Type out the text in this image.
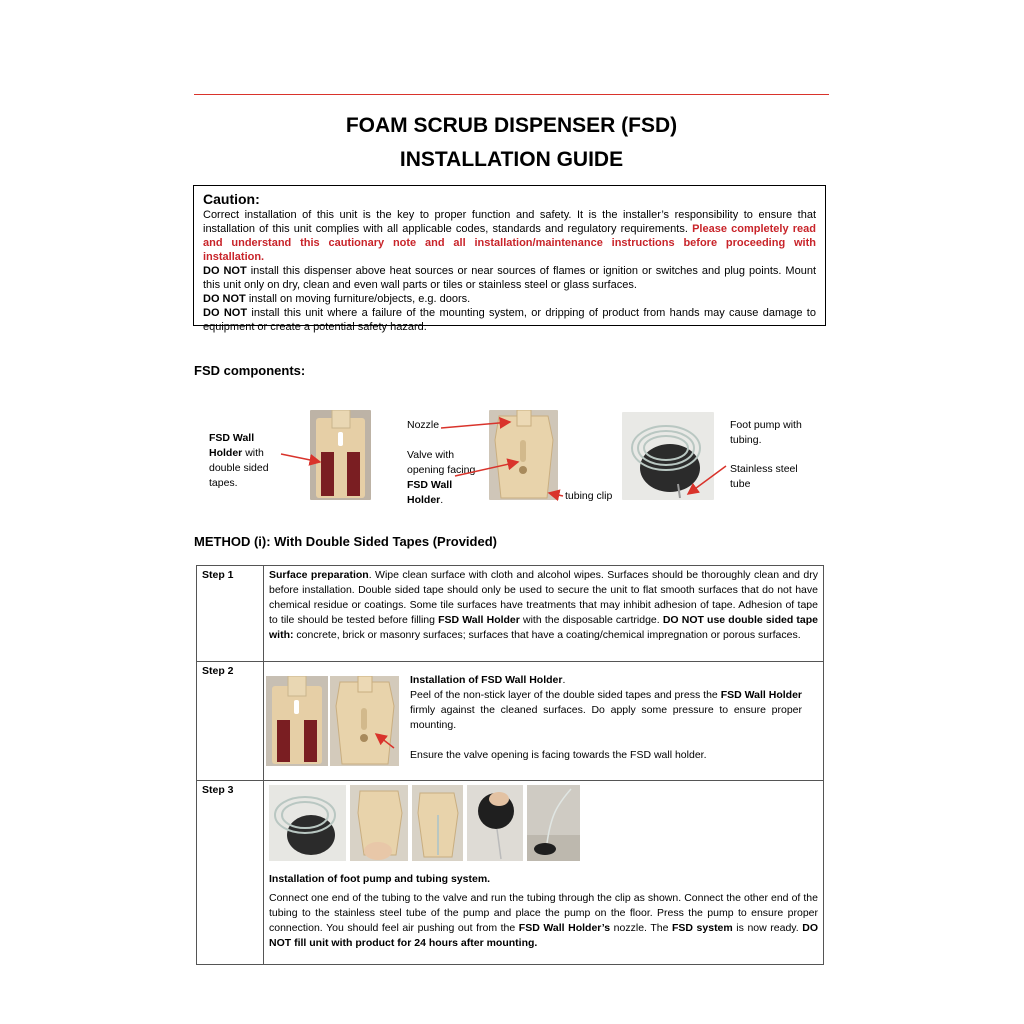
FOAM SCRUB DISPENSER (FSD)
INSTALLATION GUIDE
Caution:

Correct installation of this unit is the key to proper function and safety. It is the installer’s responsibility to ensure that installation of this unit complies with all applicable codes, standards and regulatory requirements. Please completely read and understand this cautionary note and all installation/maintenance instructions before proceeding with installation.

DO NOT install this dispenser above heat sources or near sources of flames or ignition or switches and plug points. Mount this unit only on dry, clean and even wall parts or tiles or stainless steel or glass surfaces.

DO NOT install on moving furniture/objects, e.g. doors.

DO NOT install this unit where a failure of the mounting system, or dripping of product from hands may cause damage to equipment or create a potential safety hazard.

FSD components:
FSD Wall Holder with double sided tapes.
Nozzle
Valve with opening facing FSD Wall Holder.	tubing clip
Foot pump with tubing.
Stainless steel tube
METHOD (i): With Double Sided Tapes (Provided)
Step 1	Surface preparation. Wipe clean surface with cloth and alcohol wipes. Surfaces should be thoroughly clean and dry before installation. Double sided tape should only be used to secure the unit to flat smooth surfaces that do not have chemical residue or coatings. Some tile surfaces have treatments that may inhibit adhesion of tape. Adhesion of tape to tile should be tested before filling FSD Wall Holder with the disposable cartridge. DO NOT use double sided tape with: concrete, brick or masonry surfaces; surfaces that have a coating/chemical impregnation or porous surfaces.
Step 2	Installation of FSD Wall Holder.
Peel of the non-stick layer of the double sided tapes and press the FSD Wall Holder firmly against the cleaned surfaces. Do apply some pressure to ensure proper mounting.
Ensure the valve opening is facing towards the FSD wall holder.

Step 3	Installation of foot pump and tubing system.
Connect one end of the tubing to the valve and run the tubing through the clip as shown. Connect the other end of the tubing to the stainless steel tube of the pump and place the pump on the floor. Press the pump to ensure proper connection. You should feel air pushing out from the FSD Wall Holder’s nozzle. The FSD system is now ready. DO NOT fill unit with product for 24 hours after mounting.
